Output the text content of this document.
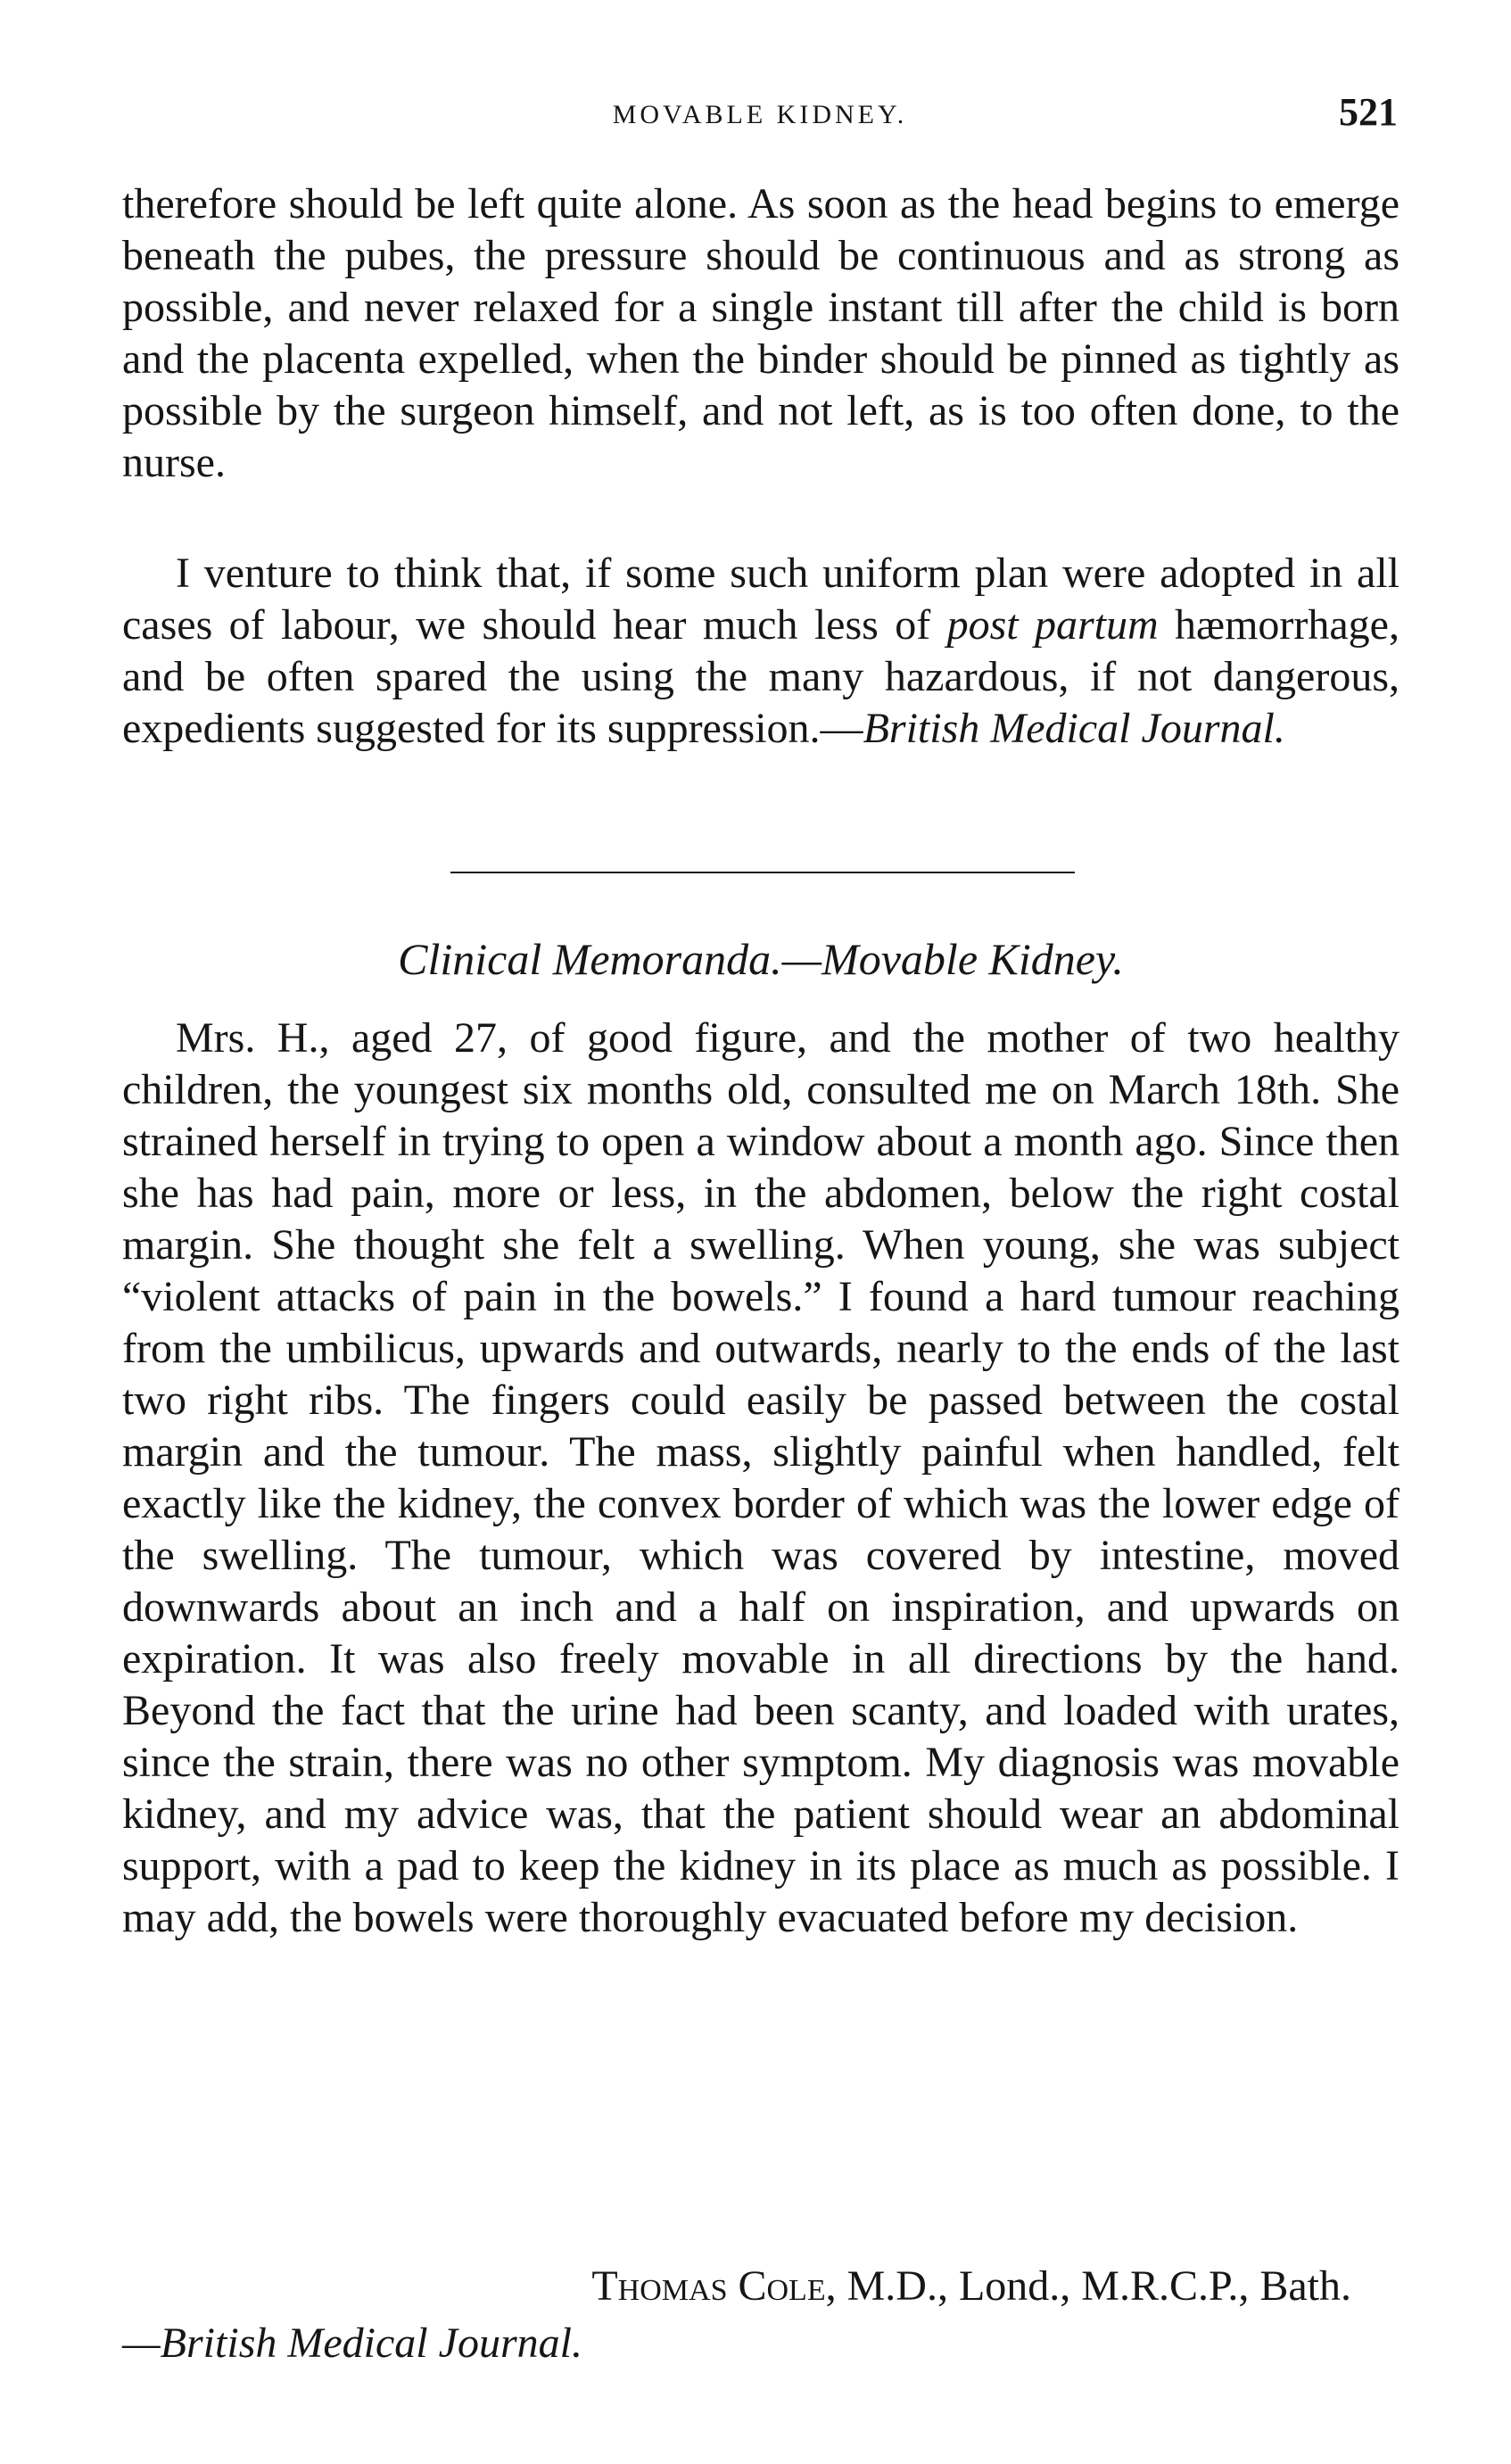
MOVABLE KIDNEY.	521

therefore should be left quite alone. As soon as the head begins to emerge beneath the pubes, the pressure should be continuous and as strong as possible, and never relaxed for a single instant till after the child is born and the placenta expelled, when the binder should be pinned as tightly as possible by the surgeon himself, and not left, as is too often done, to the nurse.

I venture to think that, if some such uniform plan were adopted in all cases of labour, we should hear much less of post partum hæmorrhage, and be often spared the using the many hazardous, if not dangerous, expedients suggested for its suppression.—British Medical Journal.

Clinical Memoranda.—Movable Kidney.

Mrs. H., aged 27, of good figure, and the mother of two healthy children, the youngest six months old, consulted me on March 18th. She strained herself in trying to open a window about a month ago. Since then she has had pain, more or less, in the abdomen, below the right costal margin. She thought she felt a swelling. When young, she was subject “violent attacks of pain in the bowels.” I found a hard tumour reaching from the umbilicus, upwards and outwards, nearly to the ends of the last two right ribs. The fingers could easily be passed between the costal margin and the tumour. The mass, slightly painful when handled, felt exactly like the kidney, the convex border of which was the lower edge of the swelling. The tumour, which was covered by intestine, moved downwards about an inch and a half on inspiration, and upwards on expiration. It was also freely movable in all directions by the hand. Beyond the fact that the urine had been scanty, and loaded with urates, since the strain, there was no other symptom. My diagnosis was movable kidney, and my advice was, that the patient should wear an abdominal support, with a pad to keep the kidney in its place as much as possible. I may add, the bowels were thoroughly evacuated before my decision.

Thomas Cole, M.D., Lond., M.R.C.P., Bath.
—British Medical Journal.
